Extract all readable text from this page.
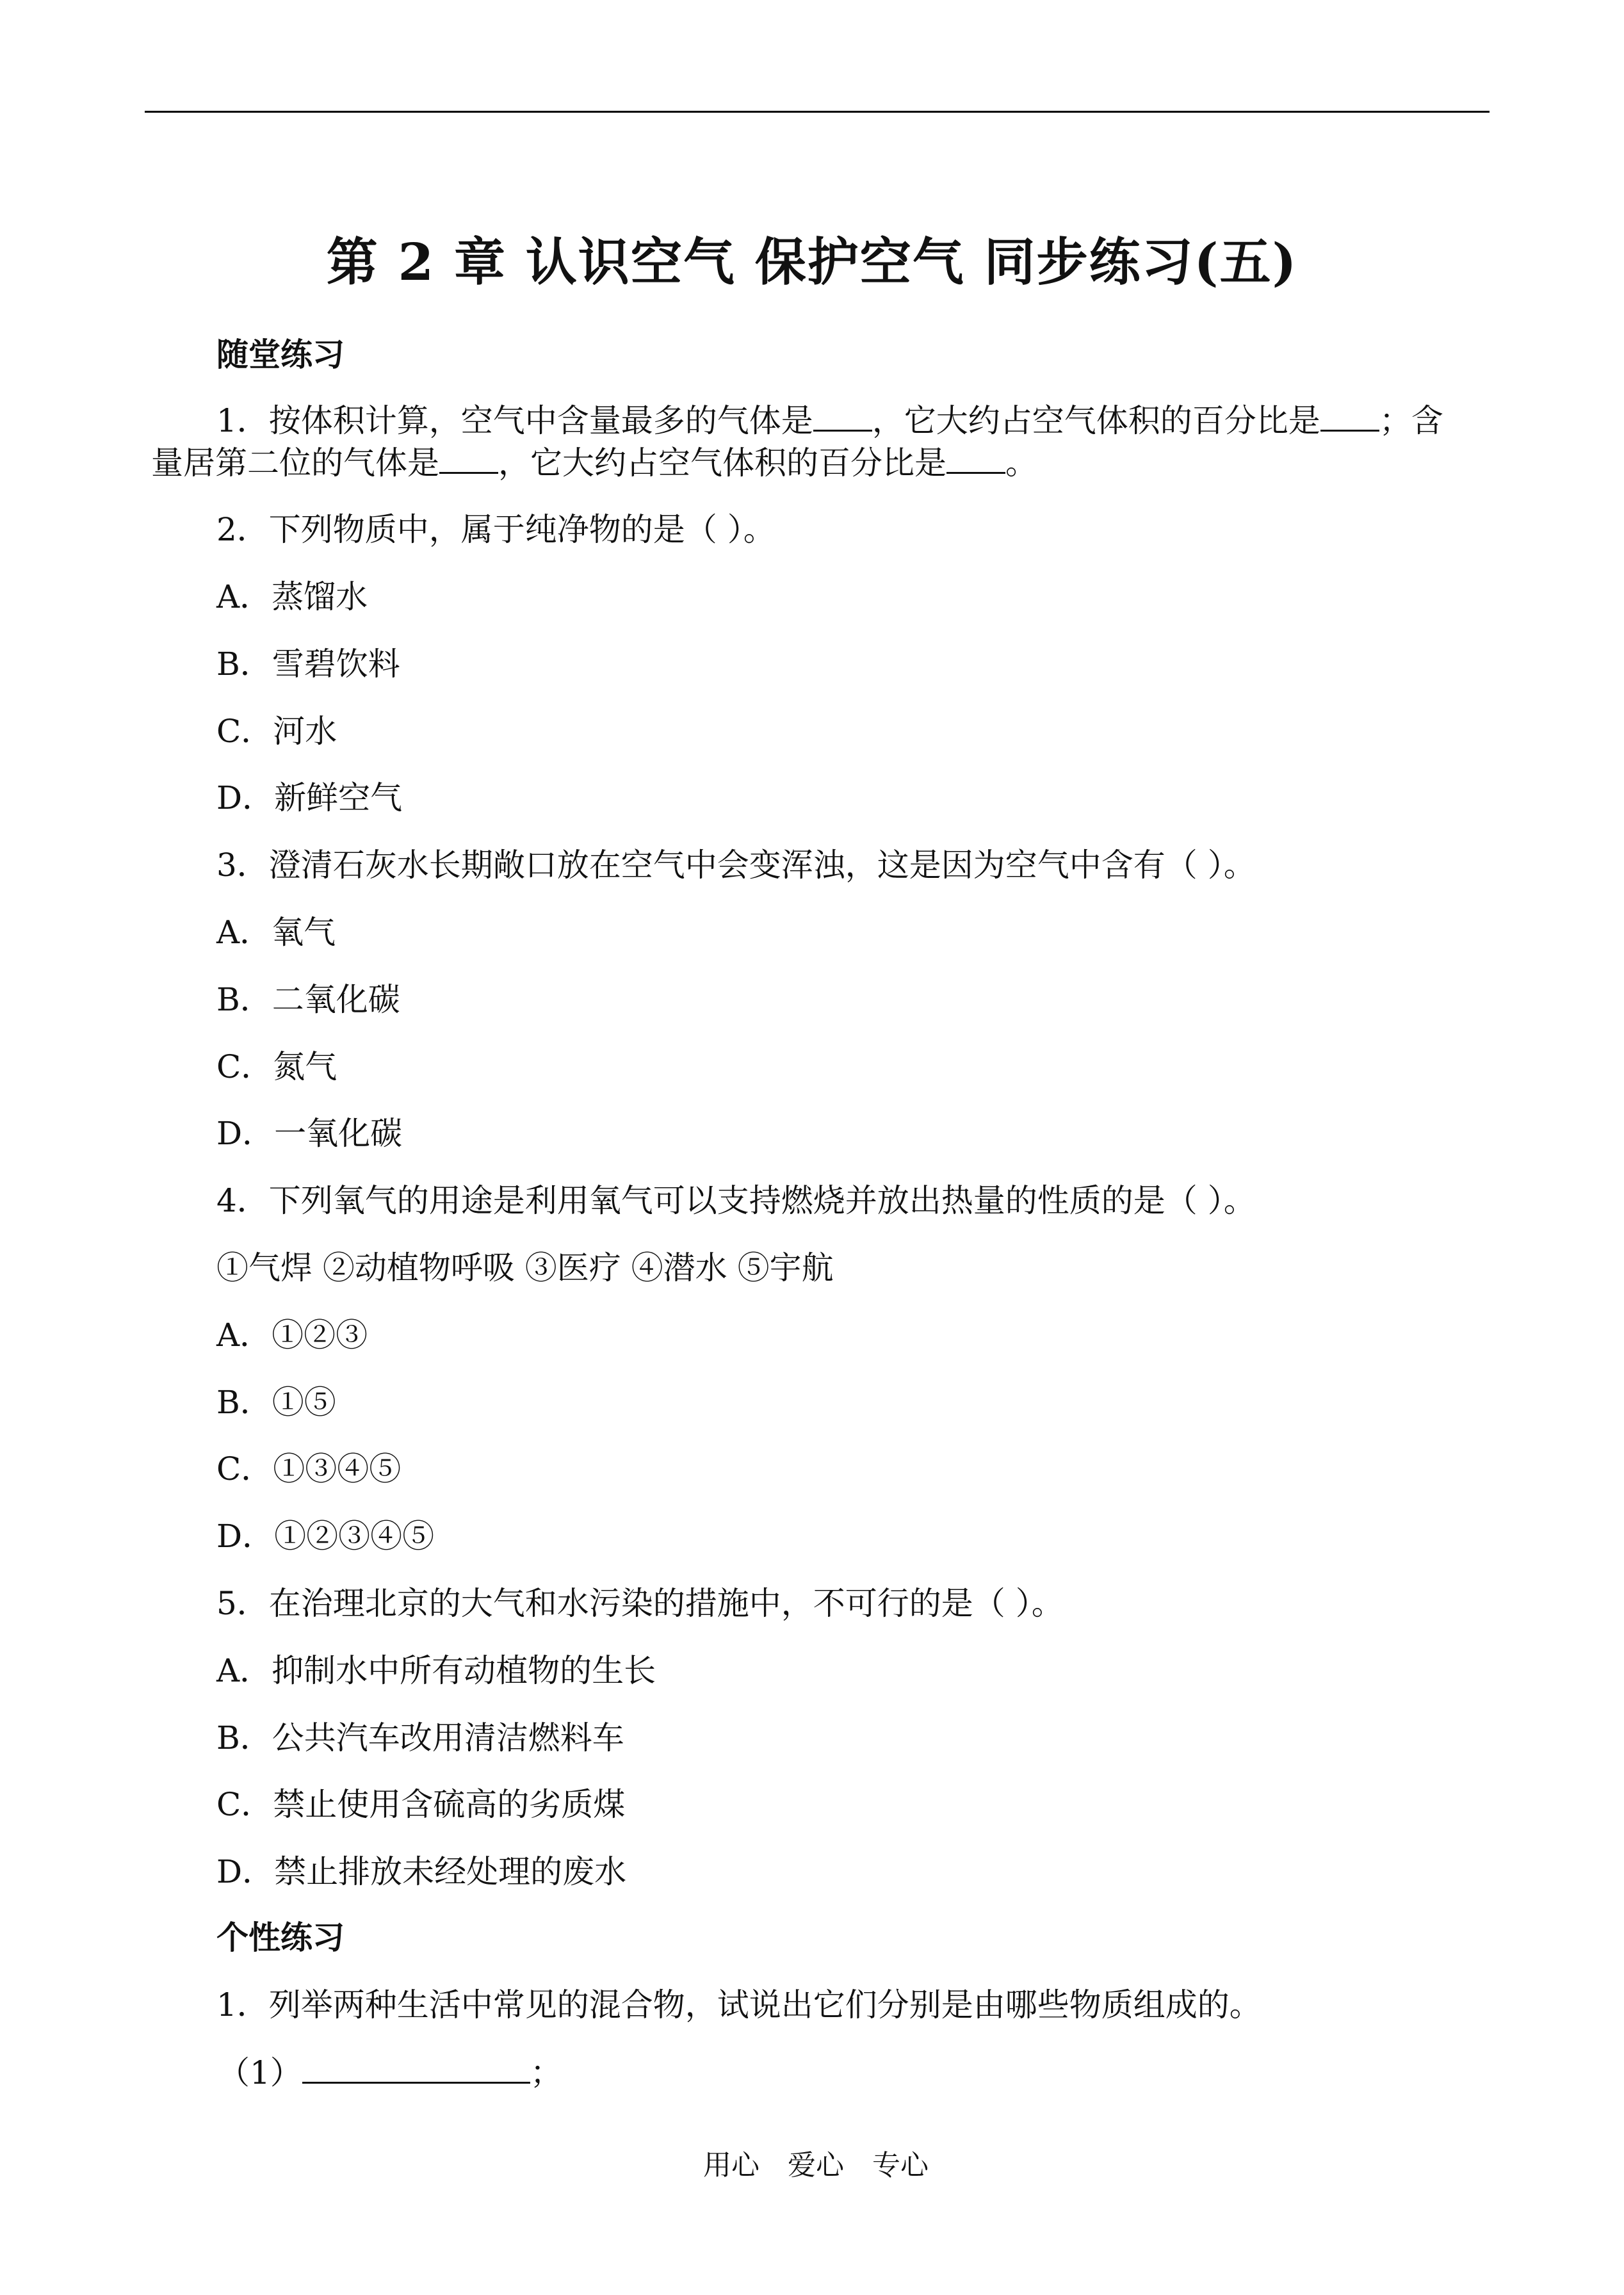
第 2 章 认识空气 保护空气 同步练习(五)
随堂练习
1．按体积计算，空气中含量最多的气体是 ，它大约占空气体积的百分比是 ；含
量居第二位的气体是 ，它大约占空气体积的百分比是 。
2．下列物质中，属于纯净物的是（ ）。
A．蒸馏水
B．雪碧饮料
C．河水
D．新鲜空气
3．澄清石灰水长期敞口放在空气中会变浑浊，这是因为空气中含有（ ）。
A．氧气
B．二氧化碳
C．氮气
D．一氧化碳
4．下列氧气的用途是利用氧气可以支持燃烧并放出热量的性质的是（ ）。
①气焊 ②动植物呼吸 ③医疗 ④潜水 ⑤宇航
A．①②③
B．①⑤
C．①③④⑤
D．①②③④⑤
5．在治理北京的大气和水污染的措施中，不可行的是（ ）。
A．抑制水中所有动植物的生长
B．公共汽车改用清洁燃料车
C．禁止使用含硫高的劣质煤
D．禁止排放未经处理的废水
个性练习
1．列举两种生活中常见的混合物，试说出它们分别是由哪些物质组成的。
（1）	；
用心 爱心 专心
